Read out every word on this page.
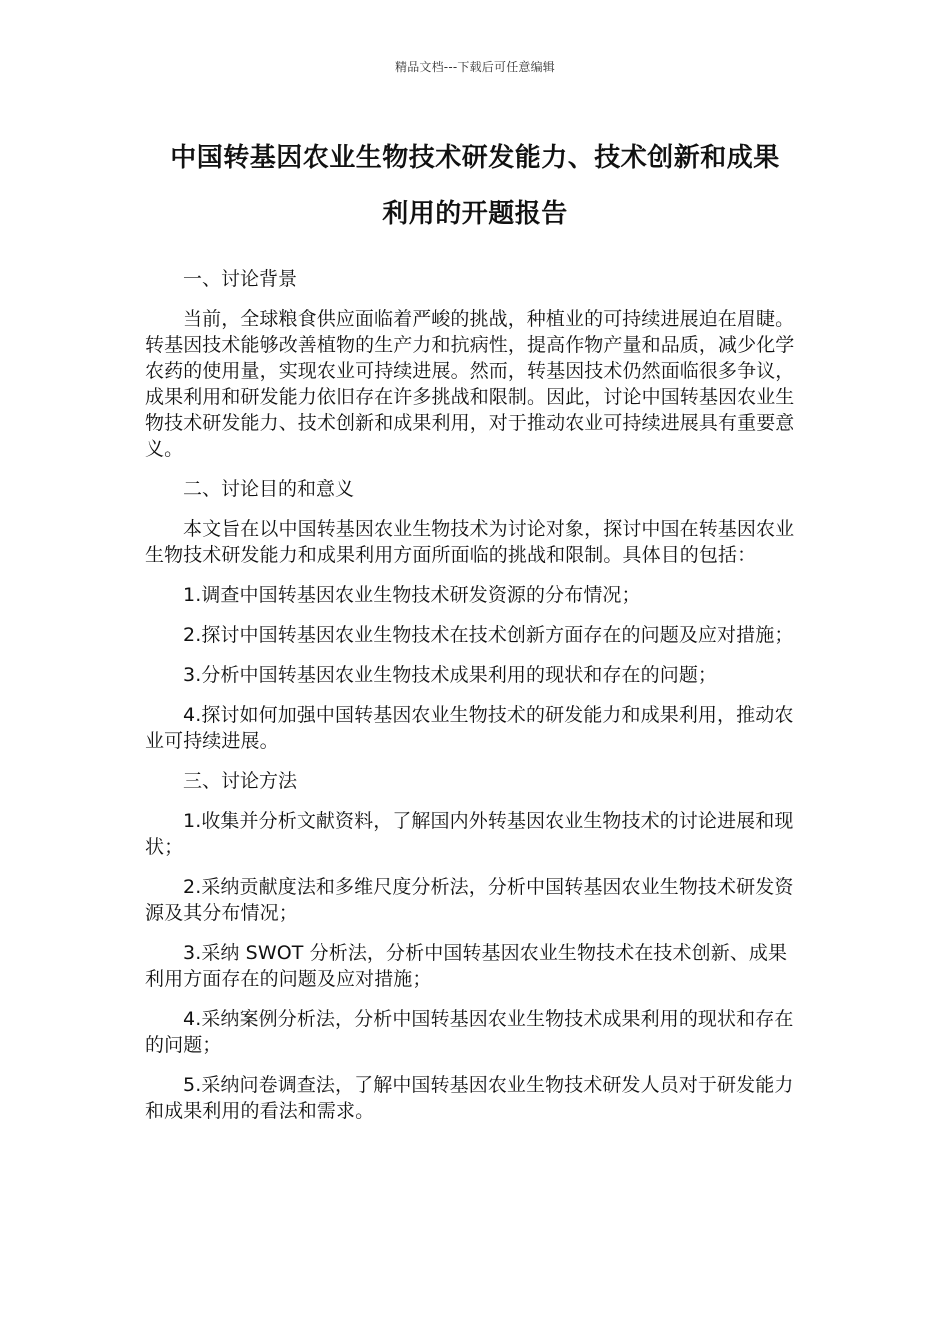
精品文档---下载后可任意编辑
中国转基因农业生物技术研发能力、技术创新和成果
利用的开题报告

一、讨论背景

当前，全球粮食供应面临着严峻的挑战，种植业的可持续进展迫在眉睫。转基因技术能够改善植物的生产力和抗病性，提高作物产量和品质，减少化学农药的使用量，实现农业可持续进展。然而，转基因技术仍然面临很多争议，成果利用和研发能力依旧存在许多挑战和限制。因此，讨论中国转基因农业生物技术研发能力、技术创新和成果利用，对于推动农业可持续进展具有重要意义。

二、讨论目的和意义

本文旨在以中国转基因农业生物技术为讨论对象，探讨中国在转基因农业生物技术研发能力和成果利用方面所面临的挑战和限制。具体目的包括：

1.调查中国转基因农业生物技术研发资源的分布情况；

2.探讨中国转基因农业生物技术在技术创新方面存在的问题及应对措施；

3.分析中国转基因农业生物技术成果利用的现状和存在的问题；

4.探讨如何加强中国转基因农业生物技术的研发能力和成果利用，推动农业可持续进展。

三、讨论方法

1.收集并分析文献资料，了解国内外转基因农业生物技术的讨论进展和现状；

2.采纳贡献度法和多维尺度分析法，分析中国转基因农业生物技术研发资源及其分布情况；

3.采纳 SWOT 分析法，分析中国转基因农业生物技术在技术创新、成果利用方面存在的问题及应对措施；

4.采纳案例分析法，分析中国转基因农业生物技术成果利用的现状和存在的问题；

5.采纳问卷调查法，了解中国转基因农业生物技术研发人员对于研发能力和成果利用的看法和需求。
